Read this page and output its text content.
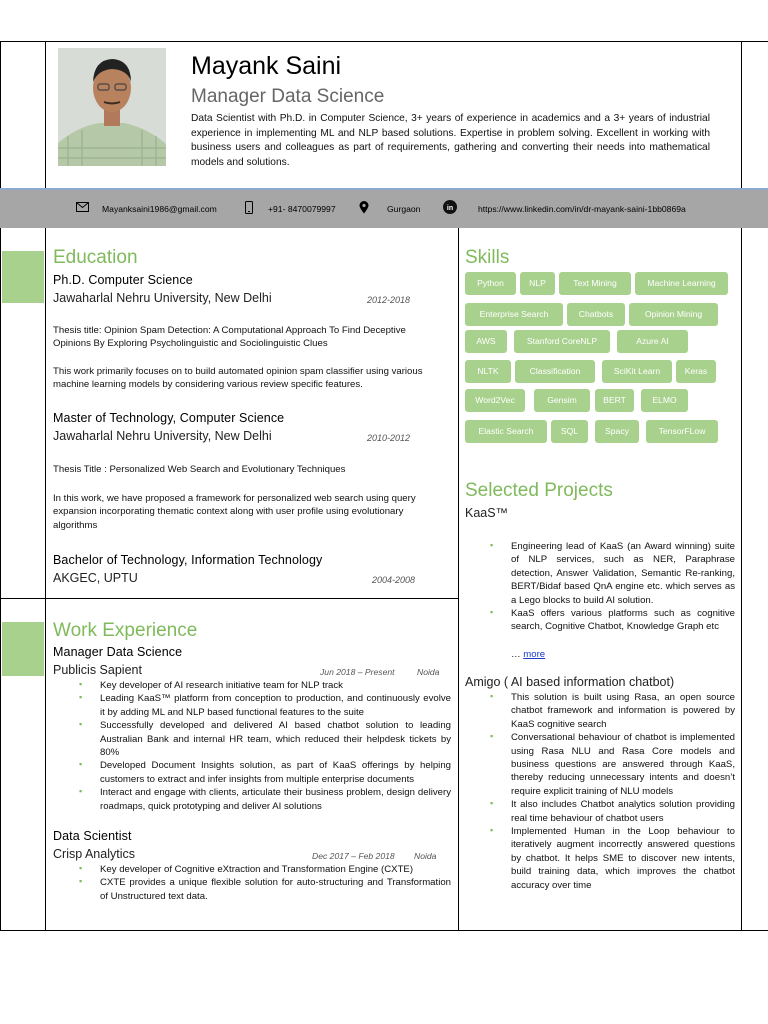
Mayank Saini
Manager Data Science
Data Scientist with Ph.D. in Computer Science, 3+ years of experience in academics and a 3+ years of industrial experience in implementing ML and NLP based solutions. Expertise in problem solving. Excellent in working with business users and colleagues as part of requirements, gathering and converting their needs into mathematical models and solutions.
Mayanksaini1986@gmail.com	+91- 8470079997	Gurgaon	in	https://www.linkedin.com/in/dr-mayank-saini-1bb0869a
Education
Ph.D. Computer Science
Jawaharlal Nehru University, New Delhi	2012-2018
Thesis title: Opinion Spam Detection: A Computational Approach To Find Deceptive Opinions By Exploring Psycholinguistic and Sociolinguistic Clues
This work primarily focuses on to build automated opinion spam classifier using various machine learning models by considering various review specific features.
Master of Technology, Computer Science
Jawaharlal Nehru University, New Delhi	2010-2012
Thesis Title : Personalized Web Search and Evolutionary Techniques
In this work, we have proposed a framework for personalized web search using query expansion incorporating thematic context along with user profile using evolutionary algorithms
Bachelor of Technology, Information Technology
AKGEC, UPTU	2004-2008
Work Experience
Manager Data Science
Publicis Sapient	Jun 2018 – Present	Noida
▪ Key developer of AI research initiative team for NLP track
▪ Leading KaaS™ platform from conception to production, and continuously evolve it by adding ML and NLP based functional features to the suite
▪ Successfully developed and delivered AI based chatbot solution to leading Australian Bank and internal HR team, which reduced their helpdesk tickets by 80%
▪ Developed Document Insights solution, as part of KaaS offerings by helping customers to extract and infer insights from multiple enterprise documents
▪ Interact and engage with clients, articulate their business problem, design delivery roadmaps, quick prototyping and deliver AI solutions
Data Scientist
Crisp Analytics	Dec 2017 – Feb 2018 Noida
▪ Key developer of Cognitive eXtraction and Transformation Engine (CXTE)
▪ CXTE provides a unique flexible solution for auto-structuring and Transformation of Unstructured text data.
Skills
Python	NLP	Text Mining	Machine Learning
Enterprise Search	Chatbots	Opinion Mining
AWS	Stanford CoreNLP	Azure AI
NLTK	Classification	SciKit Learn	Keras
Word2Vec	Gensim	BERT	ELMO
Elastic Search	SQL	Spacy	TensorFLow
Selected Projects
KaaS™
▪ Engineering lead of KaaS (an Award winning) suite of NLP services, such as NER, Paraphrase detection, Answer Validation, Semantic Re-ranking, BERT/Bidaf based QnA engine etc. which serves as a Lego blocks to build AI solution.
▪ KaaS offers various platforms such as cognitive search, Cognitive Chatbot, Knowledge Graph etc
… more
Amigo ( AI based information chatbot)
▪ This solution is built using Rasa, an open source chatbot framework and information is powered by KaaS cognitive search
▪ Conversational behaviour of chatbot is implemented using Rasa NLU and Rasa Core models and business questions are answered through KaaS, thereby reducing unnecessary intents and doesn’t require explicit training of NLU models
▪ It also includes Chatbot analytics solution providing real time behaviour of chatbot users
▪ Implemented Human in the Loop behaviour to iteratively augment incorrectly answered questions by chatbot. It helps SME to discover new intents, build training data, which improves the chatbot accuracy over time
